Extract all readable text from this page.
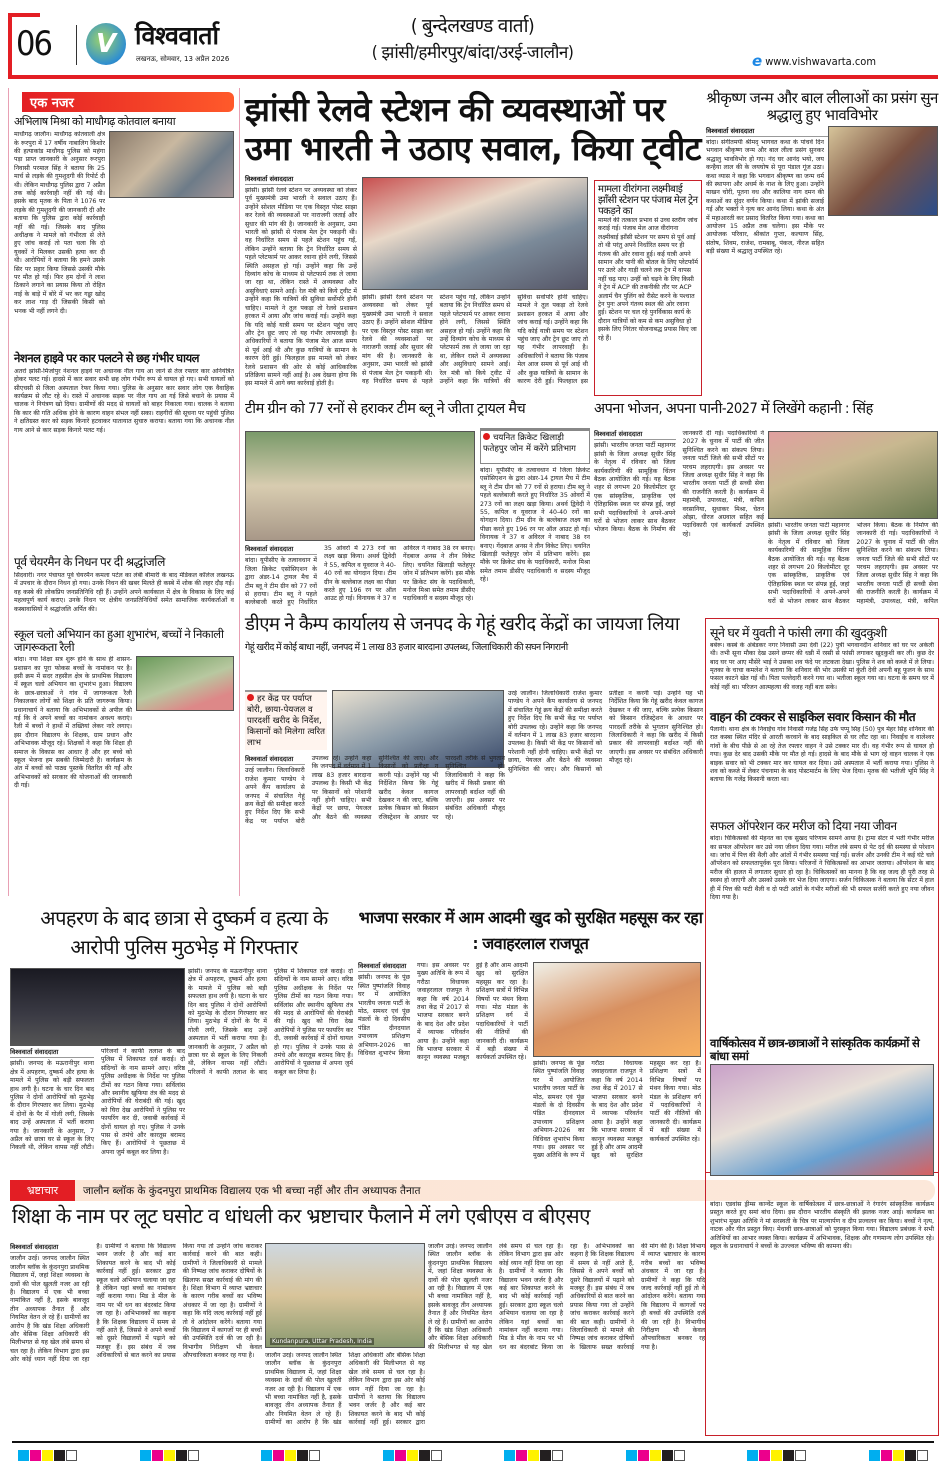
06	V विश्ववार्ता
लखनऊ, सोमवार, 13 अप्रैल 2026
( बुन्देलखण्ड वार्ता)
( झांसी/हमीरपुर/बांदा/उरई-जालौन)	e www.vishwavarta.com
एक नजर
अभिलाष मिश्रा को माधौगढ़ कोतवाल बनाया
माधौगढ़ जालौन। माधौगढ़ कोतवाली क्षेत्र के रूरपुरा में 17 वर्षीय नाबालिग किशोर की हत्याकांड माधौगढ़ पुलिस को महंगा पड़ा प्राप्त जानकारी के अनुसार रूरपुरा निवासी परमाल सिंह ने बताया कि 25 मार्च से लड़के की गुमशुदगी की रिपोर्ट दी थी। लेकिन माधौगढ़ पुलिस द्वारा 7 अप्रैल तक कोई कार्रवाही नहीं की गई थी। इसके बाद मृतक के पिता ने 1076 पर लड़के की गुमशुदगी की जानकारी दी और बताया कि पुलिस द्वारा कोई कार्रवाही नहीं की गई। जिसके बाद पुलिस अधीक्षक ने मामले को गंभीरता से लेते हुए जांच कराई तो पता चला कि दो युवकों ने मिलकर उसकी हत्या कर दी थी। आरोपियों ने बताया कि हमने उसके सिर पर प्रहार किया जिससे उसकी मौके पर मौत हो गई। फिर हम दोनों ने लाश ठिकाने लगाने का प्रयास किया तो रोहित नाई के बाड़े में बोरे में भर कर गड्ढा खोद कर लाश गाड़ दी जिसकी किसी को भनक भी नहीं लगने दी।
नेशनल हाइवे पर कार पलटने से छह गंभीर घायल
अतर्रा झांसी-मिर्जापुर नेशनल हाइवे पर अचानक नील गाय आ जाने से तेज रफ्तार कार अनियंत्रित होकर पलट गई। हादसे में कार सवार सभी छह लोग गंभीर रूप से घायल हो गए। सभी घायलों को सीएचसी से जिला अस्पताल रेफर किया गया। पुलिस के अनुसार कार सवार लोग एक वैवाहिक कार्यक्रम से लौट रहे थे। रास्ते में अचानक सड़क पर नील गाय आ गई जिसे बचाने के प्रयास में चालक ने नियंत्रण खो दिया। ग्रामीणों की मदद से घायलों को बाहर निकाला गया। चालक ने बताया कि कार की गति अधिक होने के कारण वाहन संभल नहीं सका। राहगीरों की सूचना पर पहुंची पुलिस ने क्षतिग्रस्त कार को सड़क किनारे हटवाकर यातायात सुचारु कराया। बताया गया कि अचानक नील गाय आने से कार सड़क किनारे पलट गई।
पूर्व चेयरमैन के निधन पर दी श्रद्धांजलि
सिंदवारी। नगर पंचायत पूर्व चेयरमैन कमला पटेल का लंबी बीमारी के बाद मेडिकल कॉलेज लखनऊ में उपचार के दौरान निधन हो गया। उनके निधन की खबर मिलते ही कस्बे में शोक की लहर दौड़ गई। वह कस्बे की लोकप्रिय जनप्रतिनिधि रही हैं। उन्होंने अपने कार्यकाल में क्षेत्र के विकास के लिए कई महत्वपूर्ण कार्य कराए। उनके निधन पर क्षेत्रीय जनप्रतिनिधियों समेत सामाजिक कार्यकर्ताओं व कस्बावासियों ने श्रद्धांजलि अर्पित की।
स्कूल चलो अभियान का हुआ शुभारंभ, बच्चों ने निकाली जागरूकता रैली
बांदा। नया शिक्षा सत्र शुरू होने के साथ ही शासन-प्रशासन का पूरा फोकस बच्चों के नामांकन पर है। इसी क्रम में सदर तहसील क्षेत्र के प्राथमिक विद्यालय में स्कूल चलो अभियान का शुभारंभ हुआ। विद्यालय के छात्र-छात्राओं ने गांव में जागरूकता रैली निकालकर लोगों को शिक्षा के प्रति जागरूक किया। प्रधानाचार्य ने बताया कि अभिभावकों से अपील की गई कि वे अपने बच्चों का नामांकन अवश्य कराएं। रैली में बच्चों ने हाथों में तख्तियां लेकर नारे लगाए। इस दौरान विद्यालय के शिक्षक, ग्राम प्रधान और अभिभावक मौजूद रहे। शिक्षकों ने कहा कि शिक्षा ही समाज के विकास का आधार है और हर बच्चे को स्कूल भेजना हम सबकी जिम्मेदारी है। कार्यक्रम के अंत में बच्चों को पाठ्य पुस्तकें वितरित की गईं और अभिभावकों को सरकार की योजनाओं की जानकारी दी गई।
झांसी रेलवे स्टेशन की व्यवस्थाओं पर उमा भारती ने उठाए सवाल, किया ट्वीट
विश्ववार्ता संवाददाता
झांसी। झांसी रेलवे स्टेशन पर अव्यवस्था को लेकर पूर्व मुख्यमंत्री उमा भारती ने सवाल उठाए हैं। उन्होंने सोशल मीडिया पर एक विस्तृत पोस्ट साझा कर रेलवे की व्यवस्थाओं पर नाराजगी जताई और सुधार की मांग की है। जानकारी के अनुसार, उमा भारती को झांसी से पंजाब मेल ट्रेन पकड़नी थी। वह निर्धारित समय से पहले स्टेशन पहुंच गईं, लेकिन उन्होंने बताया कि ट्रेन निर्धारित समय से पहले प्लेटफार्म पर आकर रवाना होने लगी, जिससे स्थिति असहज हो गई। उन्होंने कहा कि उन्हें दिव्यांग कोच के माध्यम से प्लेटफार्म तक ले जाया जा रहा था, लेकिन रास्ते में अव्यवस्था और असुविधाएं सामने आईं। रेल मंत्री को किये ट्वीट में उन्होंने कहा कि यात्रियों की सुविधा सर्वोपरि होनी चाहिए। मामले ने तूल पकड़ा तो रेलवे प्रशासन हरकत में आया और जांच कराई गई। उन्होंने कहा कि यदि कोई यात्री समय पर स्टेशन पहुंच जाए और ट्रेन छूट जाए तो यह गंभीर लापरवाही है। अधिकारियों ने बताया कि पंजाब मेल आज समय से पूर्व आई थी और कुछ यात्रियों के सामान के कारण देरी हुई। फिलहाल इस मामले को लेकर रेलवे प्रशासन की ओर से कोई आधिकारिक प्रतिक्रिया सामने नहीं आई है। अब देखना होगा कि इस मामले में आगे क्या कार्रवाई होती है।
झांसी। झांसी रेलवे स्टेशन पर अव्यवस्था को लेकर पूर्व मुख्यमंत्री उमा भारती ने सवाल उठाए हैं। उन्होंने सोशल मीडिया पर एक विस्तृत पोस्ट साझा कर रेलवे की व्यवस्थाओं पर नाराजगी जताई और सुधार की मांग की है। जानकारी के अनुसार, उमा भारती को झांसी से पंजाब मेल ट्रेन पकड़नी थी। वह निर्धारित समय से पहले स्टेशन पहुंच गईं, लेकिन उन्होंने बताया कि ट्रेन निर्धारित समय से पहले प्लेटफार्म पर आकर रवाना होने लगी, जिससे स्थिति असहज हो गई। उन्होंने कहा कि उन्हें दिव्यांग कोच के माध्यम से प्लेटफार्म तक ले जाया जा रहा था, लेकिन रास्ते में अव्यवस्था और असुविधाएं सामने आईं। रेल मंत्री को किये ट्वीट में उन्होंने कहा कि यात्रियों की सुविधा सर्वोपरि होनी चाहिए। मामले ने तूल पकड़ा तो रेलवे प्रशासन हरकत में आया और जांच कराई गई। उन्होंने कहा कि यदि कोई यात्री समय पर स्टेशन पहुंच जाए और ट्रेन छूट जाए तो यह गंभीर लापरवाही है। अधिकारियों ने बताया कि पंजाब मेल आज समय से पूर्व आई थी और कुछ यात्रियों के सामान के कारण देरी हुई। फिलहाल इस
मामला वीरांगना लक्ष्मीबाई झाँसी स्टेशन पर पंजाब मेल ट्रेन पकड़ने का
मामले की तत्काल प्रभाव से उच्च स्तरीय जांच कराई गई। पंजाब मेल आज वीरांगना लक्ष्मीबाई झाँसी स्टेशन पर समय से पूर्व आई तो थी परंतु अपने निर्धारित समय पर ही गंतव्य की ओर रवाना हुई। कई यात्री अपने सामान और पानी की बोतल के लिए प्लेटफॉर्म पर उतरे और गाड़ी चलने तक ट्रेन में वापस नहीं चढ़ पाए। उन्हीं को चढ़ने के लिए किसी ने ट्रेन में ACP की तकनीकी तौर पर ACP अलार्म चैन पुलिंग को रीसेट करने के पश्चात ट्रेन पुनः अपने गंतव्य स्थल की ओर रवाना हुई। स्टेशन पर चल रहे पुनर्विकास कार्य के दौरान यात्रियों को कम से कम असुविधा हो इसके लिए निरंतर योजनाबद्ध प्रयास किए जा रहे हैं।
श्रीकृष्ण जन्म और बाल लीलाओं का प्रसंग सुन श्रद्धालु हुए भावविभोर
विश्ववार्ता संवाददाता
बांदा। संगीतमयी श्रीमद् भागवत कथा के पांचवें दिन भगवान श्रीकृष्ण जन्म और बाल लीला प्रसंग सुनकर श्रद्धालु भावविभोर हो गए। नंद घर आनंद भयो, जय कन्हैया लाल की के जयघोष से पूरा पंडाल गूंज उठा। कथा व्यास ने कहा कि भगवान श्रीकृष्ण का जन्म धर्म की स्थापना और अधर्म के नाश के लिए हुआ। उन्होंने माखन चोरी, पूतना वध और कालिया नाग दमन की कथाओं का सुंदर वर्णन किया। कथा में झांकी सजाई गई और भक्तों ने नृत्य कर आनंद लिया। कथा के अंत में महाआरती कर प्रसाद वितरित किया गया। कथा का आयोजन 15 अप्रैल तक चलेगा। इस मौके पर आयोजक परिवार, श्रीकांत गुप्ता, कल्याण सिंह, संतोष, शिवम, राजेश, रामबाबू, पंकज, नीरज सहित बड़ी संख्या में श्रद्धालु उपस्थित रहे।
टीम ग्रीन को 77 रनों से हराकर टीम ब्लू ने जीता ट्रायल मैच
चयनित क्रिकेट खिलाड़ी फतेहपुर जोन में करेंगे प्रतिभाग
बांदा। यूपीसीए के तत्वावधान में जिला क्रिकेट एसोसिएशन के द्वारा अंडर-14 ट्रायल मैच में टीम ब्लू ने टीम ग्रीन को 77 रनों से हराया। टीम ब्लू ने पहले बल्लेबाजी करते हुए निर्धारित 35 ओवरों में 273 रनों का लक्ष्य खड़ा किया। अथर्व द्विवेदी ने 55, कपिल व यूवराज ने 40-40 रनों का योगदान दिया। टीम ग्रीन के बल्लेबाज लक्ष्य का पीछा करते हुए 196 रन पर ऑल आउट हो गई। विनायक ने 37 व अविरल ने नाबाद 38 रन बनाए। गेंदबाज अनस ने तीन विकेट लिए। चयनित खिलाड़ी फतेहपुर जोन में प्रतिभाग करेंगे। इस मौके पर क्रिकेट संघ के पदाधिकारी, मनोज मिश्रा समेत तमाम डीसीए पदाधिकारी व सदस्य मौजूद रहे।
विश्ववार्ता संवाददाता
बांदा। यूपीसीए के तत्वावधान में जिला क्रिकेट एसोसिएशन के द्वारा अंडर-14 ट्रायल मैच में टीम ब्लू ने टीम ग्रीन को 77 रनों से हराया। टीम ब्लू ने पहले बल्लेबाजी करते हुए निर्धारित 35 ओवरों में 273 रनों का लक्ष्य खड़ा किया। अथर्व द्विवेदी ने 55, कपिल व यूवराज ने 40-40 रनों का योगदान दिया। टीम ग्रीन के बल्लेबाज लक्ष्य का पीछा करते हुए 196 रन पर ऑल आउट हो गई। विनायक ने 37 व अविरल ने नाबाद 38 रन बनाए। गेंदबाज अनस ने तीन विकेट लिए। चयनित खिलाड़ी फतेहपुर जोन में प्रतिभाग करेंगे। इस मौके पर क्रिकेट संघ के पदाधिकारी, मनोज मिश्रा समेत तमाम डीसीए पदाधिकारी व सदस्य मौजूद रहे।
अपना भोजन, अपना पानी-2027 में लिखेंगे कहानी : सिंह
विश्ववार्ता संवाददाता
झांसी। भारतीय जनता पार्टी महानगर झांसी के जिला अध्यक्ष सुधीर सिंह के नेतृत्व में रविवार को जिला कार्यकारिणी की सामूहिक चिंतन बैठक आयोजित की गई। यह बैठक शहर से लगभग 20 किलोमीटर दूर एक सांस्कृतिक, प्राकृतिक एवं ऐतिहासिक स्थल पर संपन्न हुई, जहां सभी पदाधिकारियों ने अपने-अपने घरों से भोजन लाकर साथ बैठकर भोजन किया। बैठक के निर्माण की जानकारी दी गई। पदाधिकारियों ने 2027 के चुनाव में पार्टी की जीत सुनिश्चित करने का संकल्प लिया। जनता पार्टी जिले की सभी सीटों पर परचम लहराएगी। इस अवसर पर जिला अध्यक्ष सुधीर सिंह ने कहा कि भारतीय जनता पार्टी ही सच्ची सेवा की राजनीति करती है। कार्यक्रम में महामंत्री, उपाध्यक्ष, मंत्री, कपिल वरसानिया, सुधाकर मिश्रा, चेतन ओझा, धीरज अग्रवाल सहित कई पदाधिकारी एवं कार्यकर्ता उपस्थित रहे।
झांसी। भारतीय जनता पार्टी महानगर झांसी के जिला अध्यक्ष सुधीर सिंह के नेतृत्व में रविवार को जिला कार्यकारिणी की सामूहिक चिंतन बैठक आयोजित की गई। यह बैठक शहर से लगभग 20 किलोमीटर दूर एक सांस्कृतिक, प्राकृतिक एवं ऐतिहासिक स्थल पर संपन्न हुई, जहां सभी पदाधिकारियों ने अपने-अपने घरों से भोजन लाकर साथ बैठकर भोजन किया। बैठक के निर्माण की जानकारी दी गई। पदाधिकारियों ने 2027 के चुनाव में पार्टी की जीत सुनिश्चित करने का संकल्प लिया। जनता पार्टी जिले की सभी सीटों पर परचम लहराएगी। इस अवसर पर जिला अध्यक्ष सुधीर सिंह ने कहा कि भारतीय जनता पार्टी ही सच्ची सेवा की राजनीति करती है। कार्यक्रम में महामंत्री, उपाध्यक्ष, मंत्री, कपिल
डीएम ने कैम्प कार्यालय से जनपद के गेहूं खरीद केंद्रों का जायजा लिया
गेहूं खरीद में कोई बाधा नहीं, जनपद में 1 लाख 83 हजार बारदाना उपलब्ध, जिलाधिकारी की सघन निगरानी
हर केंद्र पर पर्याप्त बोरी, छाया-पेयजल व पारदर्शी खरीद के निर्देश, किसानों को मिलेगा त्वरित लाभ
उरई जालौन। जिलाधिकारी राजेश कुमार पाण्डेय ने अपने कैंप कार्यालय से जनपद में संचालित गेहूं क्रय केंद्रों की समीक्षा करते हुए निर्देश दिए कि सभी केंद्र पर पर्याप्त बोरी उपलब्ध रहे। उन्होंने कहा कि जनपद में वर्तमान में 1 लाख 83 हजार बारदाना उपलब्ध है। किसी भी केंद्र पर किसानों को परेशानी नहीं होनी चाहिए। सभी केंद्रों पर छाया, पेयजल और बैठने की व्यवस्था सुनिश्चित की जाए। और किसानों को प्रतीक्षा न करनी पड़े। उन्होंने यह भी निर्देशित किया कि गेहूं खरीद केवल कागज देखकर न की जाए, बल्कि प्रत्येक किसान को किसान रजिस्ट्रेशन के आधार पर पारदर्शी तरीके से भुगतान सुनिश्चित हो। जिलाधिकारी ने कहा कि खरीद में किसी प्रकार की लापरवाही बर्दाश्त नहीं की जाएगी। इस अवसर पर संबंधित अधिकारी मौजूद रहे।
विश्ववार्ता संवाददाता
उरई जालौन। जिलाधिकारी राजेश कुमार पाण्डेय ने अपने कैंप कार्यालय से जनपद में संचालित गेहूं क्रय केंद्रों की समीक्षा करते हुए निर्देश दिए कि सभी केंद्र पर पर्याप्त बोरी उपलब्ध रहे। उन्होंने कहा कि जनपद में वर्तमान में 1 लाख 83 हजार बारदाना उपलब्ध है। किसी भी केंद्र पर किसानों को परेशानी नहीं होनी चाहिए। सभी केंद्रों पर छाया, पेयजल और बैठने की व्यवस्था सुनिश्चित की जाए। और किसानों को प्रतीक्षा न करनी पड़े। उन्होंने यह भी निर्देशित किया कि गेहूं खरीद केवल कागज देखकर न की जाए, बल्कि प्रत्येक किसान को किसान रजिस्ट्रेशन के आधार पर पारदर्शी तरीके से भुगतान सुनिश्चित हो। जिलाधिकारी ने कहा कि खरीद में किसी प्रकार की लापरवाही बर्दाश्त नहीं की जाएगी। इस अवसर पर संबंधित अधिकारी मौजूद रहे।
सूने घर में युवती ने फांसी लगा की खुदकुशी
बबेरू। कस्बे के अंबेडकर नगर निवासी उमा देवी (22) पुत्री भगवानदीन शनिवार को घर पर अकेली थी। तभी सूना मौका देख उसने छप्पर की धन्नी में रस्सी से फांसी लगाकर खुदकुशी कर ली। कुछ देर बाद घर पर आए मौसेरे भाई ने उसका शव फंदे पर लटकता देखा। पुलिस ने शव को कब्जे में ले लिया। मृतका के चाचा कमलेश ने बताया कि शनिवार की भोर उसकी मां कुंती देवी अपनी बहू फूलन के साथ फसल काटने खेत गई थी। पिता पल्लेदारी करने गया था। भतीजा स्कूल गया था। घटना के समय घर में कोई नहीं था। परिजन आत्महत्या की वजह नहीं बता सके।
वाहन की टक्कर से साइकिल सवार किसान की मौत
पैलानी। थाना क्षेत्र के निवाईंच गांव निवासी गजेंद्र सिंह उर्फ पप्पू सिंह (50) पुत्र मेहर सिंह शनिवार की रात कस्बा स्थित मंदिर से आरती करवाने के बाद साइकिल से घर लौट रहा था। निवाईंच व वालेश्वर गांवों के बीच पीछे से आ रहे तेज रफ्तार वाहन ने उसे टक्कर मार दी। वह गंभीर रूप से घायल हो गया। कुछ देर बाद उसकी मौके पर मौत हो गई। हादसे के बाद मौके से भाग रहे वाहन चालक ने एक बाइक सवार को भी टक्कर मार कर घायल कर दिया। उसे अस्पताल में भर्ती कराया गया। पुलिस ने शव को कब्जे में लेकर पंचनामा के बाद पोस्टमार्टम के लिए भेज दिया। मृतक की भतीजी भूमि सिंह ने बताया कि गजेंद्र किसानी करता था।
सफल ऑपरेशन कर मरीज को दिया नया जीवन
बांदा। चिकित्सकों की मेहनत का एक सुखद परिणाम सामने आया है। ट्रामा सेंटर में भर्ती गंभीर मरीज का सफल ऑपरेशन कर उसे नया जीवन दिया गया। मरीज लंबे समय से पेट दर्द की समस्या से परेशान था। जांच में पित्त की थैली और आंतों में गंभीर समस्या पाई गई। सर्जन और उनकी टीम ने कई घंटे चले ऑपरेशन को सफलतापूर्वक पूरा किया। परिजनों ने चिकित्सकों का आभार जताया। ऑपरेशन के बाद मरीज की हालत में लगातार सुधार हो रहा है। चिकित्सकों का मानना है कि वह जल्द ही पूरी तरह से स्वस्थ हो जाएगी और उसको उसके घर भेज दिया जाएगा। सर्जन चिकित्सक ने बताया कि सेंटर में हाल ही में पित्त की फटी थैली व दो फटी आंतों के गंभीर मरीजों की भी सफल सर्जरी करते हुए नया जीवन दिया गया है।
वार्षिकोत्सव में छात्र-छात्राओं ने सांस्कृतिक कार्यक्रमों से बांधा समां
अपहरण के बाद छात्रा से दुष्कर्म व हत्या के आरोपी पुलिस मुठभेड़ में गिरफ्तार
झांसी। जनपद के मऊरानीपुर थाना क्षेत्र में अपहरण, दुष्कर्म और हत्या के मामले में पुलिस को बड़ी सफलता हाथ लगी है। घटना के चार दिन बाद पुलिस ने दोनों आरोपियों को मुठभेड़ के दौरान गिरफ्तार कर लिया। मुठभेड़ में दोनों के पैर में गोली लगी, जिसके बाद उन्हें अस्पताल में भर्ती कराया गया है। जानकारी के अनुसार, 7 अप्रैल को छात्रा घर से स्कूल के लिए निकली थी, लेकिन वापस नहीं लौटी। परिजनों ने काफी तलाश के बाद पुलिस में शिकायत दर्ज कराई। दो संदिग्धों के नाम सामने आए। वरिष्ठ पुलिस अधीक्षक के निर्देश पर पुलिस टीमों का गठन किया गया। सर्विलांस और स्थानीय खुफिया तंत्र की मदद से आरोपियों की घेराबंदी की गई। खुद को घिरा देख आरोपियों ने पुलिस पर फायरिंग कर दी, जवाबी कार्रवाई में दोनों घायल हो गए। पुलिस ने उनके पास से तमंचे और कारतूस बरामद किए हैं। आरोपियों ने पूछताछ में अपना जुर्म कबूल कर लिया है।
विश्ववार्ता संवाददाता
झांसी। जनपद के मऊरानीपुर थाना क्षेत्र में अपहरण, दुष्कर्म और हत्या के मामले में पुलिस को बड़ी सफलता हाथ लगी है। घटना के चार दिन बाद पुलिस ने दोनों आरोपियों को मुठभेड़ के दौरान गिरफ्तार कर लिया। मुठभेड़ में दोनों के पैर में गोली लगी, जिसके बाद उन्हें अस्पताल में भर्ती कराया गया है। जानकारी के अनुसार, 7 अप्रैल को छात्रा घर से स्कूल के लिए निकली थी, लेकिन वापस नहीं लौटी। परिजनों ने काफी तलाश के बाद पुलिस में शिकायत दर्ज कराई। दो संदिग्धों के नाम सामने आए। वरिष्ठ पुलिस अधीक्षक के निर्देश पर पुलिस टीमों का गठन किया गया। सर्विलांस और स्थानीय खुफिया तंत्र की मदद से आरोपियों की घेराबंदी की गई। खुद को घिरा देख आरोपियों ने पुलिस पर फायरिंग कर दी, जवाबी कार्रवाई में दोनों घायल हो गए। पुलिस ने उनके पास से तमंचे और कारतूस बरामद किए हैं। आरोपियों ने पूछताछ में अपना जुर्म कबूल कर लिया है।
भाजपा सरकार में आम आदमी खुद को सुरक्षित महसूस कर रहा : जवाहरलाल राजपूत
विश्ववार्ता संवाददाता
झांसी। जनपद के पूंछ स्थित पुष्पांजलि विवाह घर में आयोजित भारतीय जनता पार्टी के मोठ, समथर एवं पूंछ मंडलों के दो दिवसीय पंडित दीनदयाल उपाध्याय प्रशिक्षण अभियान-2026 का विधिवत शुभारंभ किया गया। इस अवसर पर मुख्य अतिथि के रूप में गरौठा विधायक जवाहरलाल राजपूत ने कहा कि वर्ष 2014 तथा केंद्र में 2017 से भाजपा सरकार बनने के बाद देश और प्रदेश में व्यापक परिवर्तन आया है। उन्होंने कहा कि भाजपा सरकार में कानून व्यवस्था मजबूत हुई है और आम आदमी खुद को सुरक्षित महसूस कर रहा है। प्रशिक्षण सत्रों में विभिन्न विषयों पर मंथन किया गया। मोठ मंडल के प्रशिक्षण वर्ग में पदाधिकारियों ने पार्टी की नीतियों की जानकारी दी। कार्यक्रम में बड़ी संख्या में कार्यकर्ता उपस्थित रहे।
झांसी। जनपद के पूंछ स्थित पुष्पांजलि विवाह घर में आयोजित भारतीय जनता पार्टी के मोठ, समथर एवं पूंछ मंडलों के दो दिवसीय पंडित दीनदयाल उपाध्याय प्रशिक्षण अभियान-2026 का विधिवत शुभारंभ किया गया। इस अवसर पर मुख्य अतिथि के रूप में गरौठा विधायक जवाहरलाल राजपूत ने कहा कि वर्ष 2014 तथा केंद्र में 2017 से भाजपा सरकार बनने के बाद देश और प्रदेश में व्यापक परिवर्तन आया है। उन्होंने कहा कि भाजपा सरकार में कानून व्यवस्था मजबूत हुई है और आम आदमी खुद को सुरक्षित महसूस कर रहा है। प्रशिक्षण सत्रों में विभिन्न विषयों पर मंथन किया गया। मोठ मंडल के प्रशिक्षण वर्ग में पदाधिकारियों ने पार्टी की नीतियों की जानकारी दी। कार्यक्रम में बड़ी संख्या में कार्यकर्ता उपस्थित रहे।
भ्रष्टाचार	जालौन ब्लॉक के कुंदनपुरा प्राथमिक विद्यालय एक भी बच्चा नहीं और तीन अध्यापक तैनात
शिक्षा के नाम पर लूट घसोट व धांधली कर भ्रष्टाचार फैलाने में लगे एबीएस व बीएसए
विश्ववार्ता संवाददाता
जालौन उरई। जनपद जालौन स्थित जालौन ब्लॉक के कुंदनपुरा प्राथमिक विद्यालय में, जहां शिक्षा व्यवस्था के दावों की पोल खुलती नजर आ रही है। विद्यालय में एक भी बच्चा नामांकित नहीं है, इसके बावजूद तीन अध्यापक तैनात हैं और नियमित वेतन ले रहे हैं। ग्रामीणों का आरोप है कि खंड शिक्षा अधिकारी और बेसिक शिक्षा अधिकारी की मिलीभगत से यह खेल लंबे समय से चल रहा है। लेकिन विभाग द्वारा इस ओर कोई ध्यान नहीं दिया जा रहा है। ग्रामीणों ने बताया कि विद्यालय भवन जर्जर है और कई बार शिकायत करने के बाद भी कोई कार्रवाई नहीं हुई। सरकार द्वारा स्कूल चलो अभियान चलाया जा रहा है लेकिन यहां बच्चों का नामांकन नहीं कराया गया। मिड डे मील के नाम पर भी धन का बंदरबांट किया जा रहा है। अभिभावकों का कहना है कि शिक्षक विद्यालय में समय से नहीं आते हैं, जिससे वे अपने बच्चों को दूसरे विद्यालयों में पढ़ाने को मजबूर हैं। इस संबंध में जब अधिकारियों से बात करने का प्रयास किया गया तो उन्होंने जांच कराकर कार्रवाई करने की बात कही। ग्रामीणों ने जिलाधिकारी से मामले की निष्पक्ष जांच कराकर दोषियों के खिलाफ सख्त कार्रवाई की मांग की है। शिक्षा विभाग में व्याप्त भ्रष्टाचार के कारण गरीब बच्चों का भविष्य अंधकार में जा रहा है। ग्रामीणों ने कहा कि यदि जल्द कार्रवाई नहीं हुई तो वे आंदोलन करेंगे। बताया गया कि विद्यालय में कागजों पर ही बच्चों की उपस्थिति दर्ज की जा रही है। विभागीय निरीक्षण भी केवल औपचारिकता बनकर रह गया है।
Kundanpura, Uttar Pradesh, India
जालौन उरई। जनपद जालौन स्थित जालौन ब्लॉक के कुंदनपुरा प्राथमिक विद्यालय में, जहां शिक्षा व्यवस्था के दावों की पोल खुलती नजर आ रही है। विद्यालय में एक भी बच्चा नामांकित नहीं है, इसके बावजूद तीन अध्यापक तैनात हैं और नियमित वेतन ले रहे हैं। ग्रामीणों का आरोप है कि खंड शिक्षा अधिकारी और बेसिक शिक्षा अधिकारी की मिलीभगत से यह खेल लंबे समय से चल रहा है। लेकिन विभाग द्वारा इस ओर कोई ध्यान नहीं दिया जा रहा है। ग्रामीणों ने बताया कि विद्यालय भवन जर्जर है और कई बार शिकायत करने के बाद भी कोई कार्रवाई नहीं हुई। सरकार द्वारा
जालौन उरई। जनपद जालौन स्थित जालौन ब्लॉक के कुंदनपुरा प्राथमिक विद्यालय में, जहां शिक्षा व्यवस्था के दावों की पोल खुलती नजर आ रही है। विद्यालय में एक भी बच्चा नामांकित नहीं है, इसके बावजूद तीन अध्यापक तैनात हैं और नियमित वेतन ले रहे हैं। ग्रामीणों का आरोप है कि खंड शिक्षा अधिकारी और बेसिक शिक्षा अधिकारी की मिलीभगत से यह खेल लंबे समय से चल रहा है। लेकिन विभाग द्वारा इस ओर कोई ध्यान नहीं दिया जा रहा है। ग्रामीणों ने बताया कि विद्यालय भवन जर्जर है और कई बार शिकायत करने के बाद भी कोई कार्रवाई नहीं हुई। सरकार द्वारा स्कूल चलो अभियान चलाया जा रहा है लेकिन यहां बच्चों का नामांकन नहीं कराया गया। मिड डे मील के नाम पर भी धन का बंदरबांट किया जा रहा है। अभिभावकों का कहना है कि शिक्षक विद्यालय में समय से नहीं आते हैं, जिससे वे अपने बच्चों को दूसरे विद्यालयों में पढ़ाने को मजबूर हैं। इस संबंध में जब अधिकारियों से बात करने का प्रयास किया गया तो उन्होंने जांच कराकर कार्रवाई करने की बात कही। ग्रामीणों ने जिलाधिकारी से मामले की निष्पक्ष जांच कराकर दोषियों के खिलाफ सख्त कार्रवाई की मांग की है। शिक्षा विभाग में व्याप्त भ्रष्टाचार के कारण गरीब बच्चों का भविष्य अंधकार में जा रहा है। ग्रामीणों ने कहा कि यदि जल्द कार्रवाई नहीं हुई तो वे आंदोलन करेंगे। बताया गया कि विद्यालय में कागजों पर ही बच्चों की उपस्थिति दर्ज की जा रही है। विभागीय निरीक्षण भी केवल औपचारिकता बनकर रह गया है।
बांदा। एडवांस ड्रीम्स कान्वेंट स्कूल के वार्षिकोत्सव में छात्र-छात्राओं ने रंगारंग सांस्कृतिक कार्यक्रम प्रस्तुत करते हुए समां बांध दिया। इस दौरान भारतीय संस्कृति की झलक नजर आई। कार्यक्रम का शुभारंभ मुख्य अतिथि ने मां सरस्वती के चित्र पर माल्यार्पण व दीप प्रज्वलन कर किया। बच्चों ने नृत्य, नाटक और गीत प्रस्तुत किए। मेधावी छात्र-छात्राओं को पुरस्कृत किया गया। विद्यालय प्रबंधक ने सभी अतिथियों का आभार व्यक्त किया। कार्यक्रम में अभिभावक, शिक्षक और गणमान्य लोग उपस्थित रहे। स्कूल के प्रधानाचार्य ने बच्चों के उज्ज्वल भविष्य की कामना की।
